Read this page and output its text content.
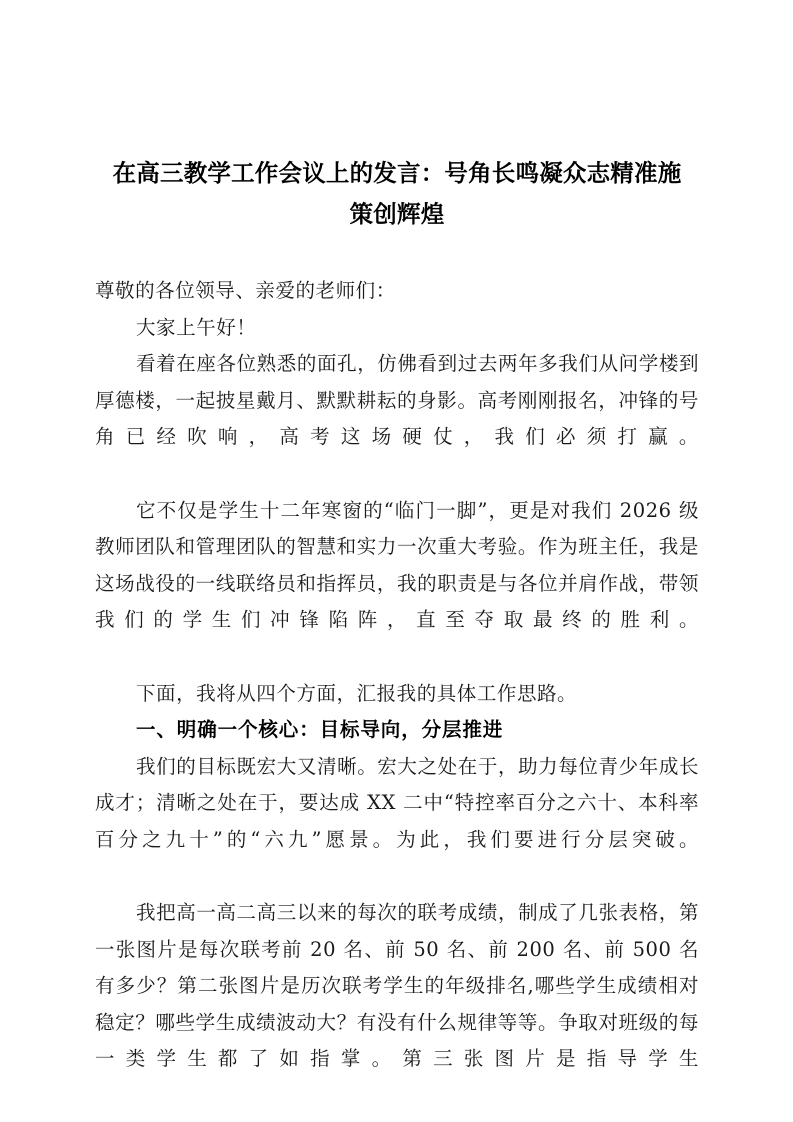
在高三教学工作会议上的发言：号角长鸣凝众志精准施
策创辉煌

尊敬的各位领导、亲爱的老师们：

大家上午好！

看着在座各位熟悉的面孔，仿佛看到过去两年多我们从问学楼到厚德楼，一起披星戴月、默默耕耘的身影。高考刚刚报名，冲锋的号角已经吹响，高考这场硬仗，我们必须打赢。

它不仅是学生十二年寒窗的“临门一脚”，更是对我们 2026 级教师团队和管理团队的智慧和实力一次重大考验。作为班主任，我是这场战役的一线联络员和指挥员，我的职责是与各位并肩作战，带领我们的学生们冲锋陷阵，直至夺取最终的胜利。

下面，我将从四个方面，汇报我的具体工作思路。

一、明确一个核心：目标导向，分层推进

我们的目标既宏大又清晰。宏大之处在于，助力每位青少年成长成才；清晰之处在于，要达成 XX 二中“特控率百分之六十、本科率百分之九十”的“六九”愿景。为此，我们要进行分层突破。

我把高一高二高三以来的每次的联考成绩，制成了几张表格，第一张图片是每次联考前 20 名、前 50 名、前 200 名、前 500 名有多少？第二张图片是历次联考学生的年级排名,哪些学生成绩相对稳定？哪些学生成绩波动大？有没有什么规律等等。争取对班级的每一类学生都了如指掌。第三张图片是指导学生
